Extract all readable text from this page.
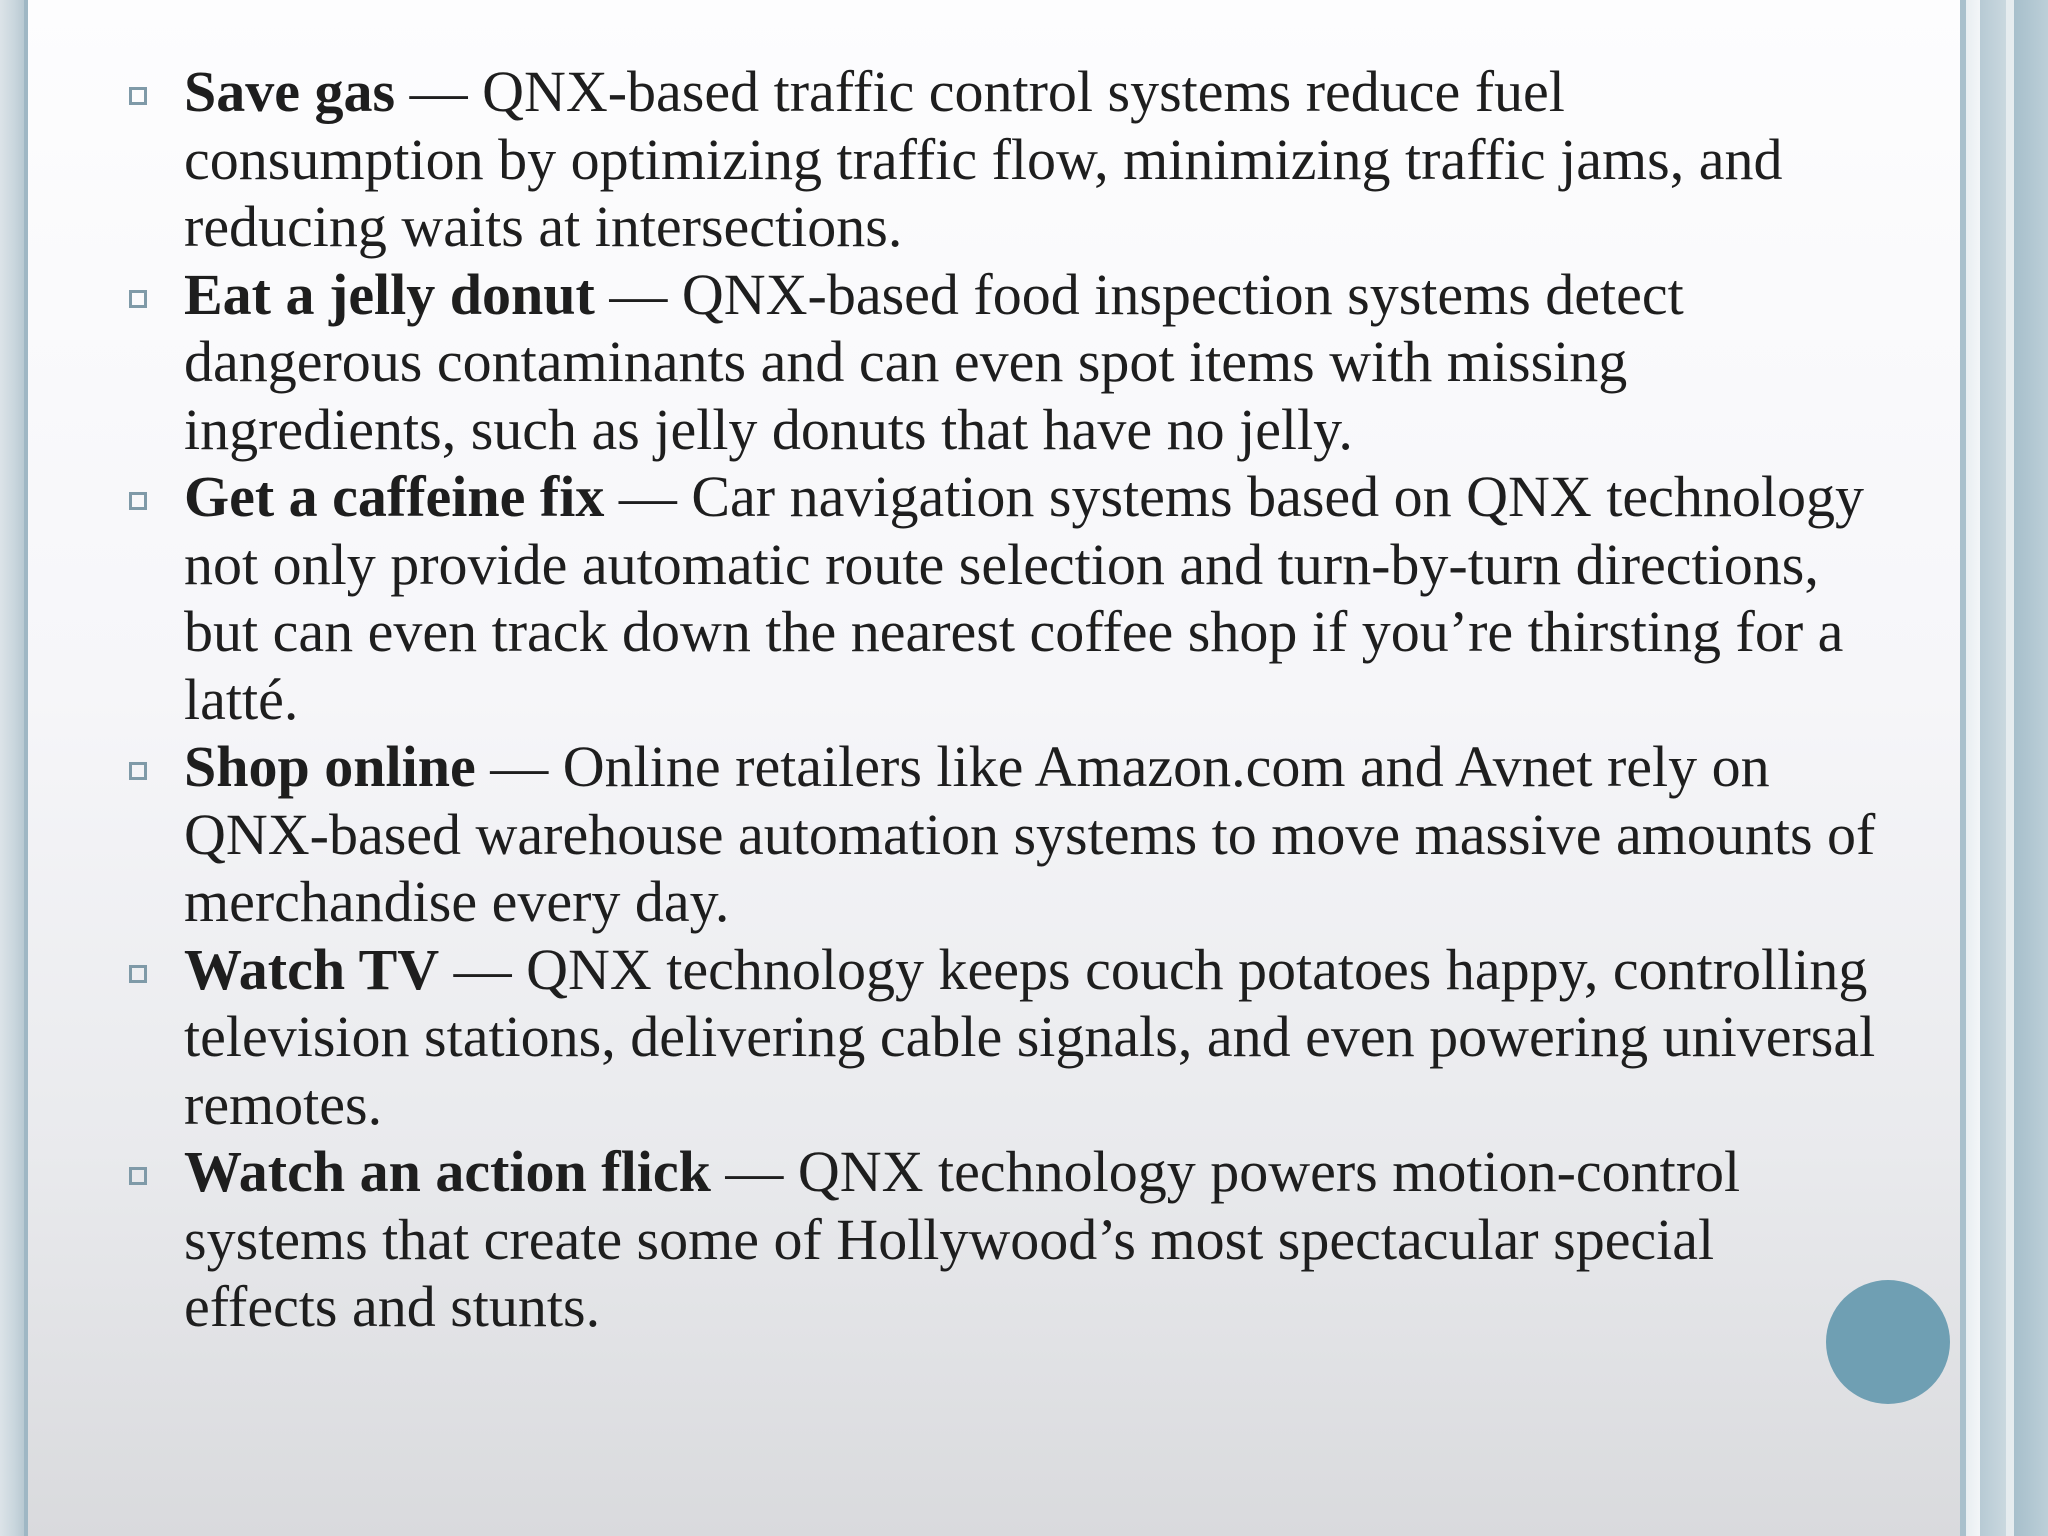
Save gas — QNX-based traffic control systems reduce fuel consumption by optimizing traffic flow, minimizing traffic jams, and reducing waits at intersections.
Eat a jelly donut — QNX-based food inspection systems detect dangerous contaminants and can even spot items with missing ingredients, such as jelly donuts that have no jelly.
Get a caffeine fix — Car navigation systems based on QNX technology not only provide automatic route selection and turn-by-turn directions, but can even track down the nearest coffee shop if you’re thirsting for a latté.
Shop online — Online retailers like Amazon.com and Avnet rely on QNX-based warehouse automation systems to move massive amounts of merchandise every day.
Watch TV — QNX technology keeps couch potatoes happy, controlling television stations, delivering cable signals, and even powering universal remotes.
Watch an action flick — QNX technology powers motion-control systems that create some of Hollywood’s most spectacular special effects and stunts.
